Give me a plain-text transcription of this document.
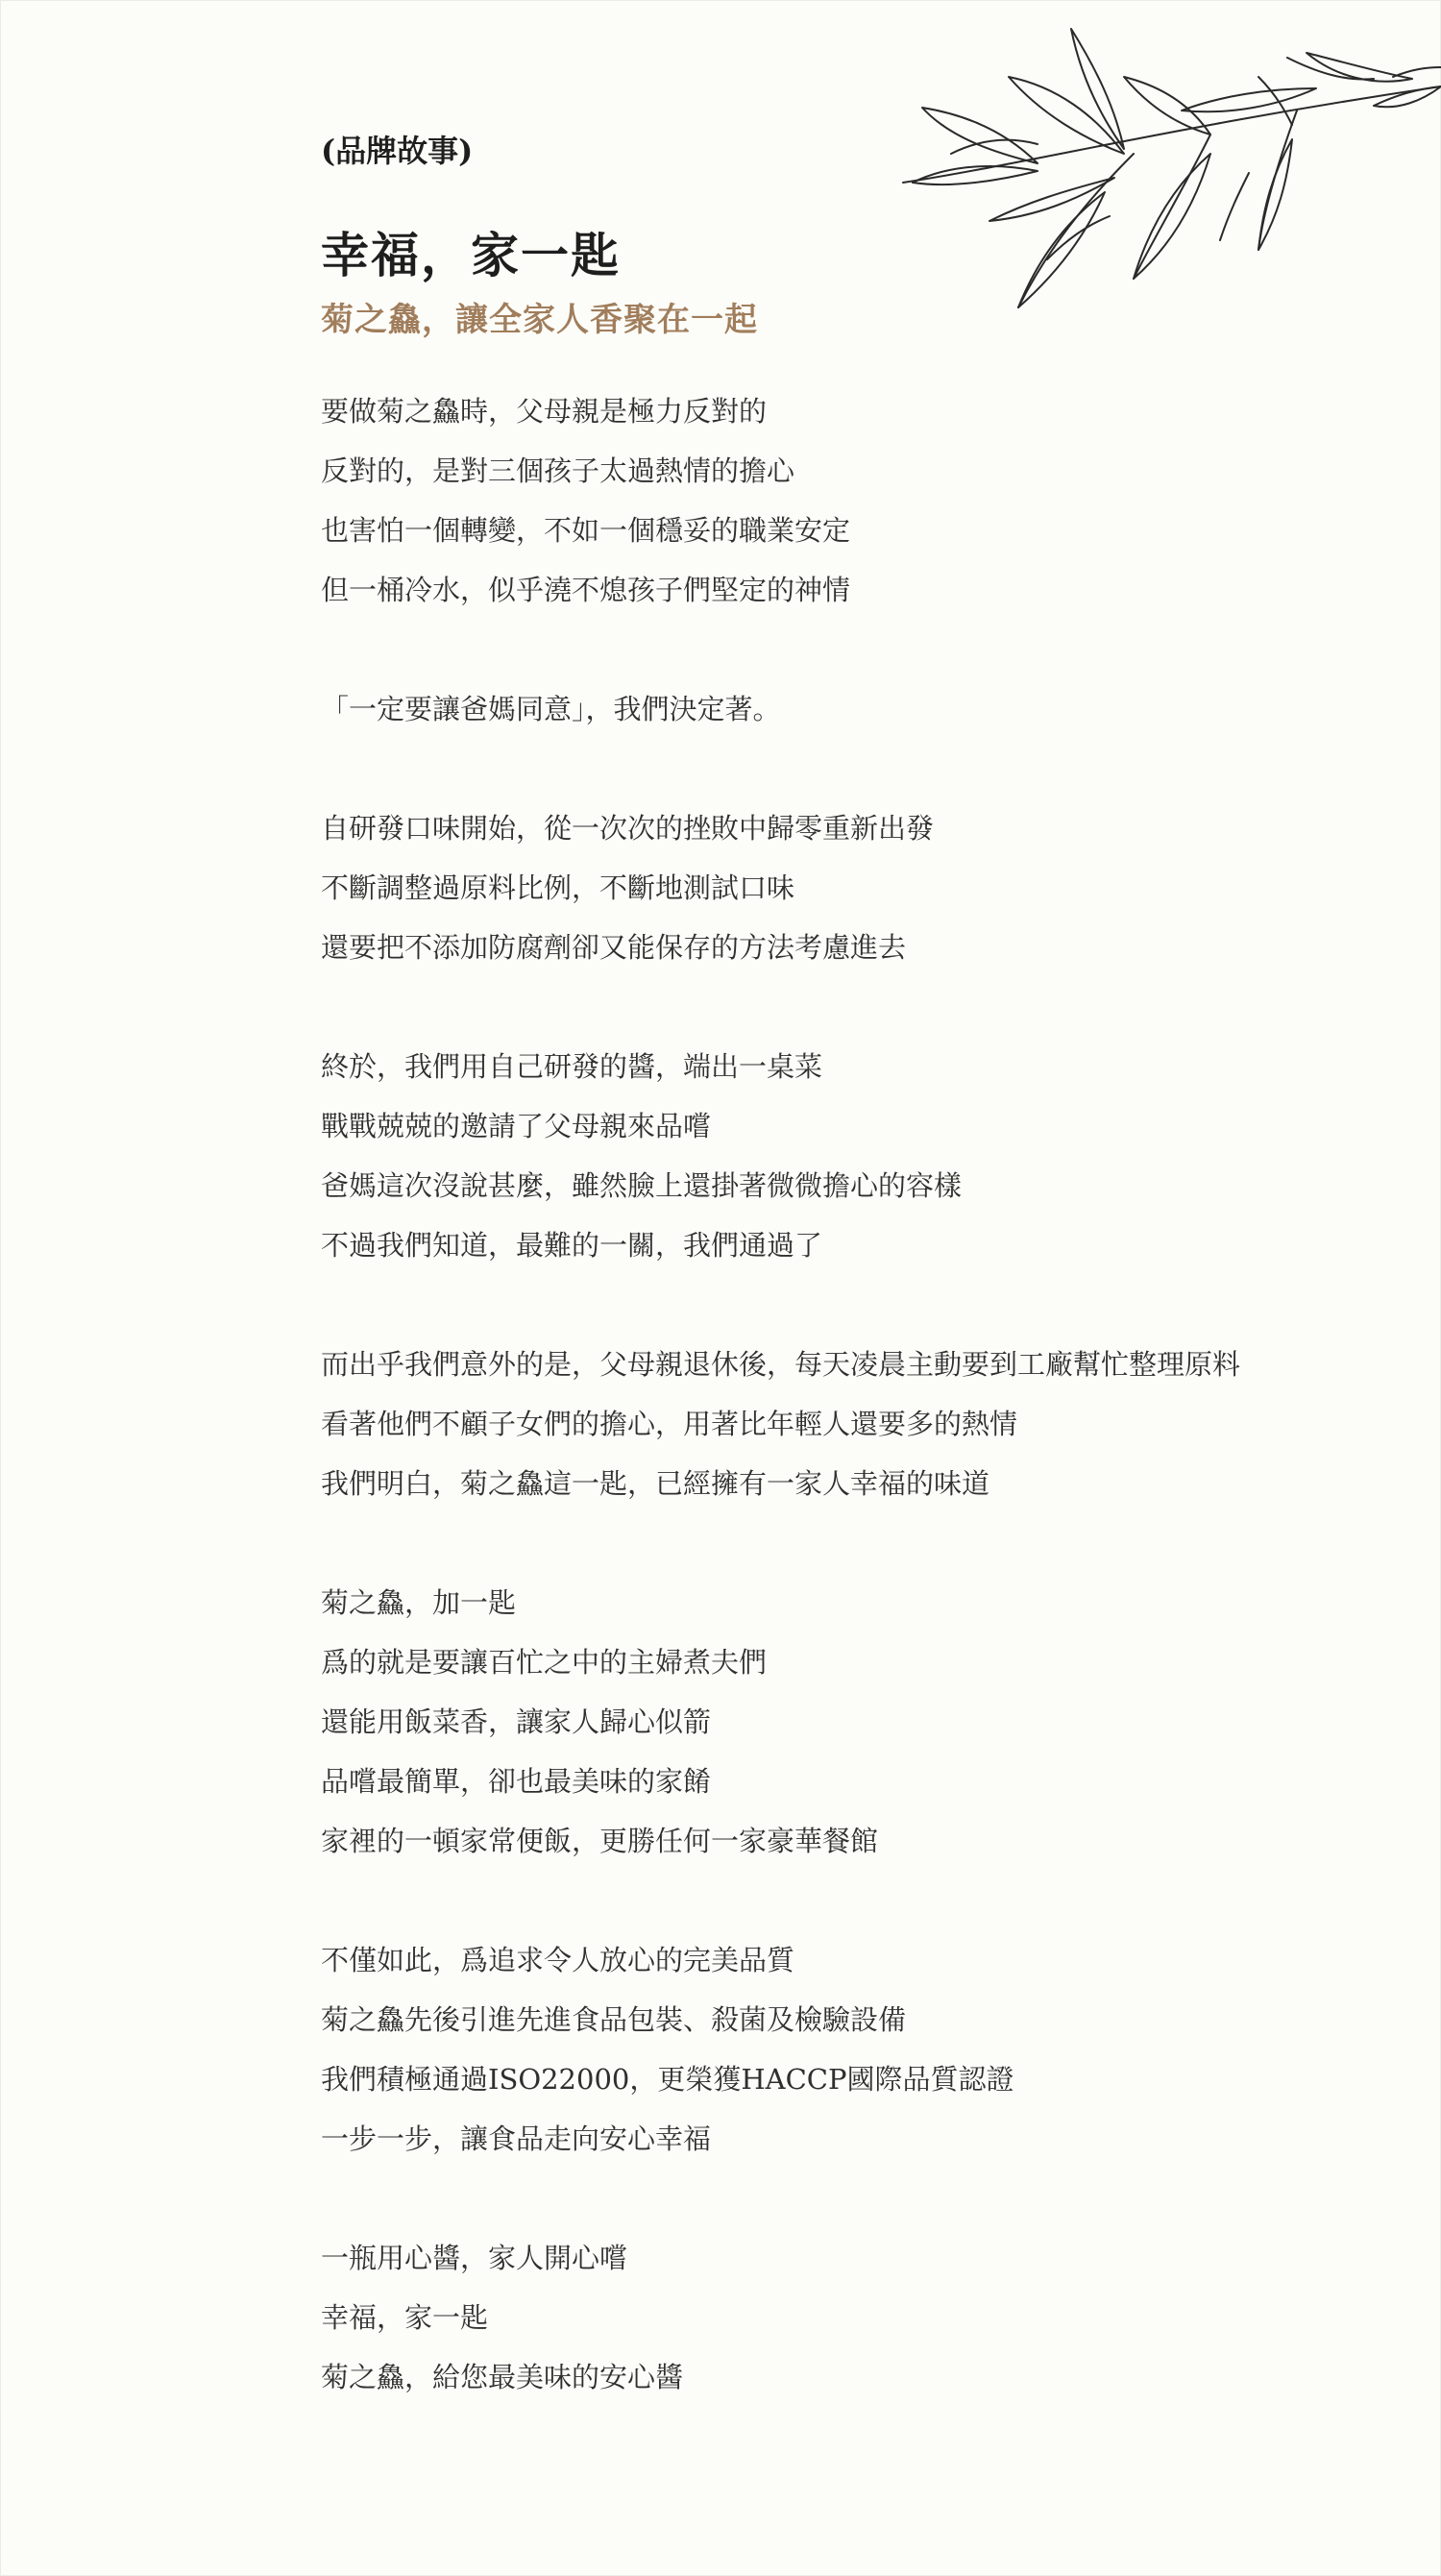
(品牌故事)

幸福，家一匙
菊之鱻，讓全家人香聚在一起
要做菊之鱻時，父母親是極力反對的
反對的，是對三個孩子太過熱情的擔心
也害怕一個轉變，不如一個穩妥的職業安定
但一桶冷水，似乎澆不熄孩子們堅定的神情
「一定要讓爸媽同意」，我們決定著。
自研發口味開始，從一次次的挫敗中歸零重新出發
不斷調整過原料比例，不斷地測試口味
還要把不添加防腐劑卻又能保存的方法考慮進去
終於，我們用自己研發的醬，端出一桌菜
戰戰兢兢的邀請了父母親來品嚐
爸媽這次沒說甚麼，雖然臉上還掛著微微擔心的容樣
不過我們知道，最難的一關，我們通過了
而出乎我們意外的是，父母親退休後，每天凌晨主動要到工廠幫忙整理原料
看著他們不顧子女們的擔心，用著比年輕人還要多的熱情
我們明白，菊之鱻這一匙，已經擁有一家人幸福的味道
菊之鱻，加一匙
爲的就是要讓百忙之中的主婦煮夫們
還能用飯菜香，讓家人歸心似箭
品嚐最簡單，卻也最美味的家餚
家裡的一頓家常便飯，更勝任何一家豪華餐館
不僅如此，爲追求令人放心的完美品質
菊之鱻先後引進先進食品包裝、殺菌及檢驗設備
我們積極通過ISO22000，更榮獲HACCP國際品質認證
一步一步，讓食品走向安心幸福
一瓶用心醬，家人開心嚐
幸福，家一匙
菊之鱻，給您最美味的安心醬
